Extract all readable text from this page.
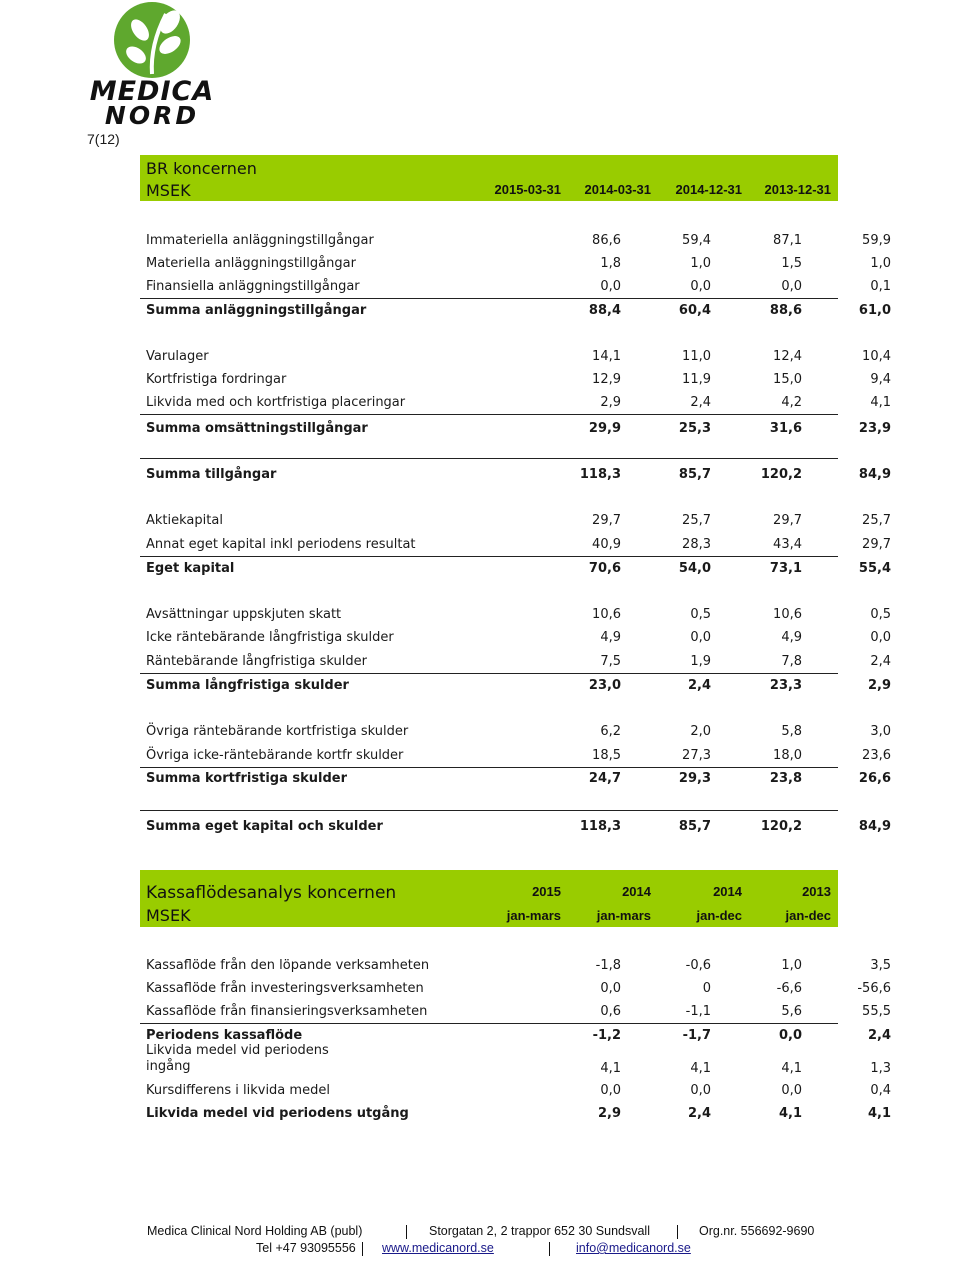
MEDICA
NORD
7(12)
BR koncernen
MSEK	2015-03-31	2014-03-31	2014-12-31	2013-12-31
Immateriella anläggningstillgångar	86,6	59,4	87,1	59,9
Materiella anläggningstillgångar	1,8	1,0	1,5	1,0
Finansiella anläggningstillgångar	0,0	0,0	0,0	0,1
Summa anläggningstillgångar	88,4	60,4	88,6	61,0
Varulager	14,1	11,0	12,4	10,4
Kortfristiga fordringar	12,9	11,9	15,0	9,4
Likvida med och kortfristiga placeringar	2,9	2,4	4,2	4,1
Summa omsättningstillgångar	29,9	25,3	31,6	23,9
Summa tillgångar	118,3	85,7	120,2	84,9
Aktiekapital	29,7	25,7	29,7	25,7
Annat eget kapital inkl periodens resultat	40,9	28,3	43,4	29,7
Eget kapital	70,6	54,0	73,1	55,4
Avsättningar uppskjuten skatt	10,6	0,5	10,6	0,5
Icke räntebärande långfristiga skulder	4,9	0,0	4,9	0,0
Räntebärande långfristiga skulder	7,5	1,9	7,8	2,4
Summa långfristiga skulder	23,0	2,4	23,3	2,9
Övriga räntebärande kortfristiga skulder	6,2	2,0	5,8	3,0
Övriga icke-räntebärande kortfr skulder	18,5	27,3	18,0	23,6
Summa kortfristiga skulder	24,7	29,3	23,8	26,6
Summa eget kapital och skulder	118,3	85,7	120,2	84,9
Kassaflödesanalys koncernen
MSEK
2015	2014	2014	2013
jan-mars	jan-mars	jan-dec	jan-dec
Kassaflöde från den löpande verksamheten	-1,8	-0,6	1,0	3,5
Kassaflöde från investeringsverksamheten	0,0	0	-6,6	-56,6
Kassaflöde från finansieringsverksamheten	0,6	-1,1	5,6	55,5
Periodens kassaflöde	-1,2	-1,7	0,0	2,4
Likvida medel vid periodens ingång	4,1	4,1	4,1	1,3
Kursdifferens i likvida medel	0,0	0,0	0,0	0,4
Likvida medel vid periodens utgång	2,9	2,4	4,1	4,1
Medica Clinical Nord Holding AB (publ)	Storgatan 2, 2 trappor 652 30 Sundsvall	Org.nr. 556692-9690
Tel +47 93095556 www.medicanord.se	info@medicanord.se
